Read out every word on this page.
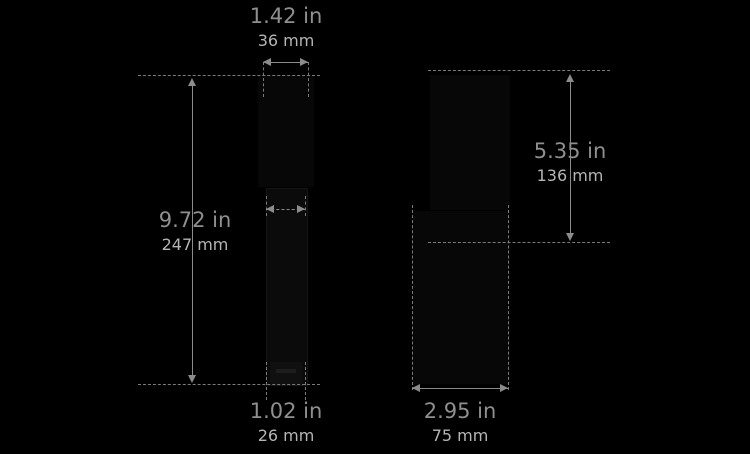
1.42 in
36 mm
9.72 in
247 mm
5.35 in
136 mm
1.02 in
26 mm
2.95 in
75 mm
